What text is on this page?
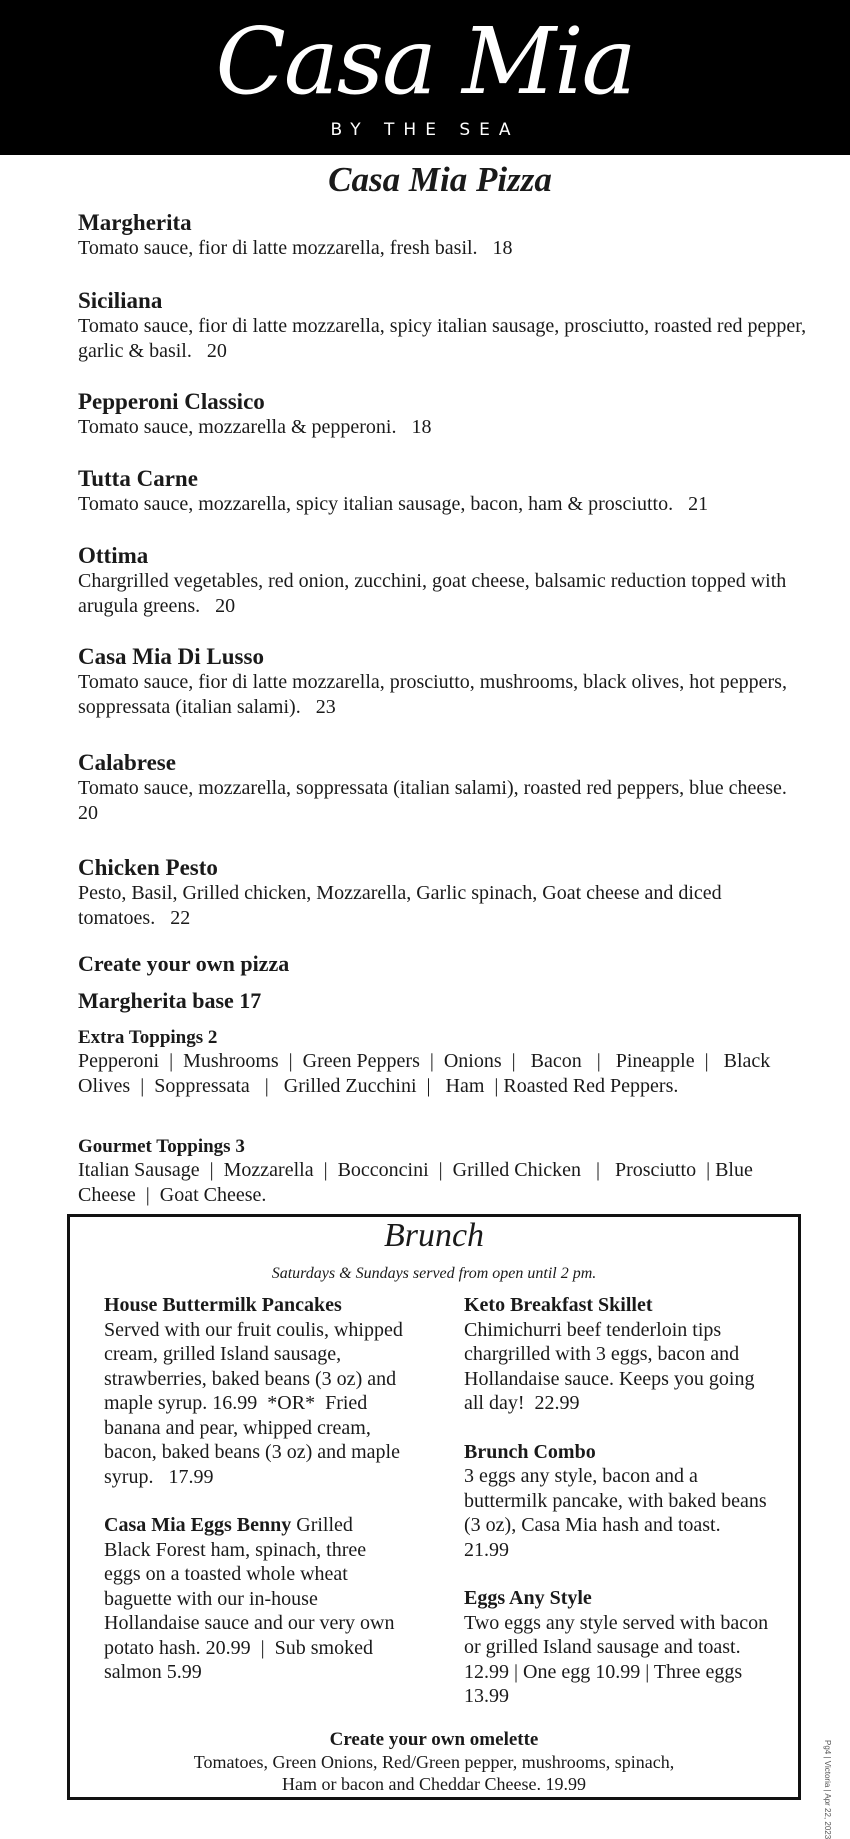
Casa Mia
BY THE SEA
Casa Mia Pizza

Margherita

Tomato sauce, fior di latte mozzarella, fresh basil.   18

Siciliana

Tomato sauce, fior di latte mozzarella, spicy italian sausage, prosciutto, roasted red pepper, garlic & basil.   20

Pepperoni Classico

Tomato sauce, mozzarella & pepperoni.   18

Tutta Carne

Tomato sauce, mozzarella, spicy italian sausage, bacon, ham & prosciutto.   21

Ottima

Chargrilled vegetables, red onion, zucchini, goat cheese, balsamic reduction topped with arugula greens.   20

Casa Mia Di Lusso

Tomato sauce, fior di latte mozzarella, prosciutto, mushrooms, black olives, hot peppers, soppressata (italian salami).   23

Calabrese

Tomato sauce, mozzarella, soppressata (italian salami), roasted red peppers, blue cheese.   20

Chicken Pesto

Pesto, Basil, Grilled chicken, Mozzarella, Garlic spinach, Goat cheese and diced tomatoes.   22

Create your own pizza
Margherita base 17
Extra Toppings 2
Pepperoni  |  Mushrooms  |  Green Peppers  |  Onions  |   Bacon   |   Pineapple  |   Black Olives  |  Soppressata   |   Grilled Zucchini  |   Ham  | Roasted Red Peppers.
Gourmet Toppings 3
Italian Sausage  |  Mozzarella  |  Bocconcini  |  Grilled Chicken   |   Prosciutto  | Blue Cheese  |  Goat Cheese.
Brunch
Saturdays & Sundays served from open until 2 pm.

House Buttermilk Pancakes
Served with our fruit coulis, whipped cream, grilled Island sausage, strawberries, baked beans (3 oz) and maple syrup. 16.99  *OR*  Fried banana and pear, whipped cream, bacon, baked beans (3 oz) and maple syrup.   17.99

Casa Mia Eggs Benny Grilled Black Forest ham, spinach, three eggs on a toasted whole wheat baguette with our in-house Hollandaise sauce and our very own potato hash. 20.99  |  Sub smoked salmon 5.99

Keto Breakfast Skillet
Chimichurri beef tenderloin tips chargrilled with 3 eggs, bacon and Hollandaise sauce. Keeps you going all day!  22.99

Brunch Combo
3 eggs any style, bacon and a buttermilk pancake, with baked beans (3 oz), Casa Mia hash and toast.   21.99

Eggs Any Style
Two eggs any style served with bacon or grilled Island sausage and toast. 12.99 | One egg 10.99 | Three eggs 13.99

Create your own omelette
Tomatoes, Green Onions, Red/Green pepper, mushrooms, spinach, Ham or bacon and Cheddar Cheese. 19.99	Pg4 | Victoria | Apr 22, 2023
